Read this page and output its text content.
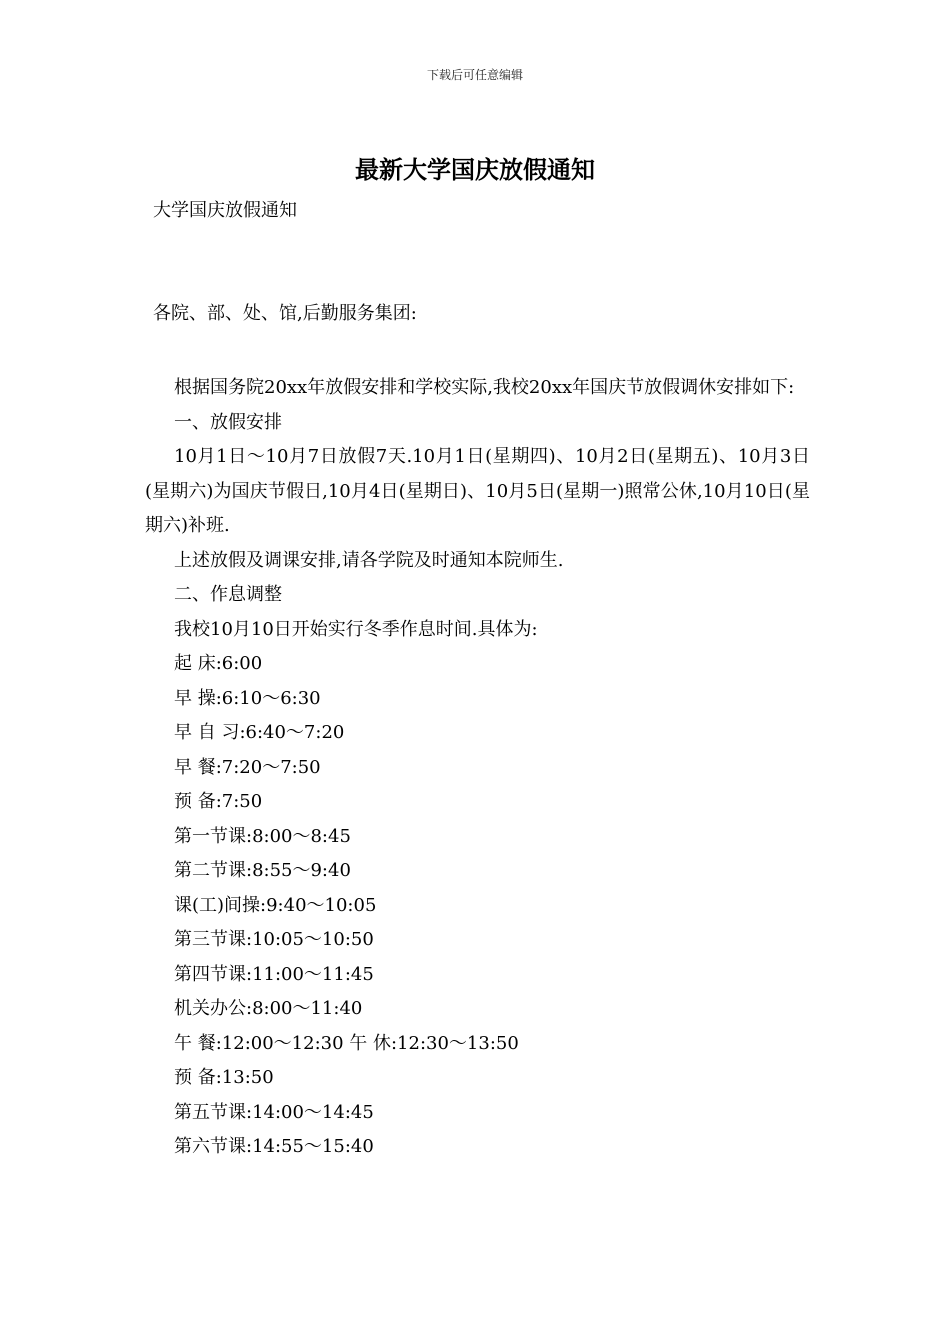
下载后可任意编辑
最新大学国庆放假通知
大学国庆放假通知
各院、部、处、馆,后勤服务集团:

根据国务院20xx年放假安排和学校实际,我校20xx年国庆节放假调休安排如下:

一、放假安排

10月1日～10月7日放假7天.10月1日(星期四)、10月2日(星期五)、10月3日(星期六)为国庆节假日,10月4日(星期日)、10月5日(星期一)照常公休,10月10日(星期六)补班.

上述放假及调课安排,请各学院及时通知本院师生.

二、作息调整

我校10月10日开始实行冬季作息时间.具体为:

起 床:6:00

早 操:6:10～6:30

早 自 习:6:40～7:20

早 餐:7:20～7:50

预 备:7:50

第一节课:8:00～8:45

第二节课:8:55～9:40

课(工)间操:9:40～10:05

第三节课:10:05～10:50

第四节课:11:00～11:45

机关办公:8:00～11:40

午 餐:12:00～12:30 午 休:12:30～13:50

预 备:13:50

第五节课:14:00～14:45

第六节课:14:55～15:40
